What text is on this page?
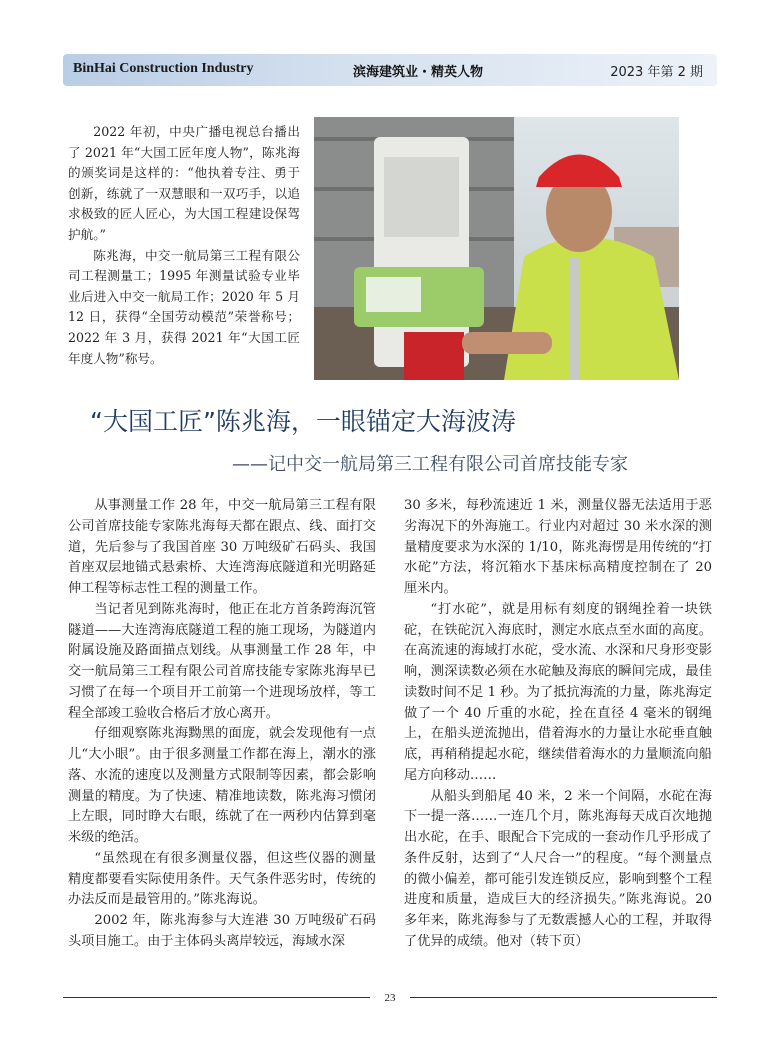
BinHai Construction Industry	滨海建筑业・精英人物	2023 年第 2 期

2022 年初，中央广播电视总台播出了 2021 年“大国工匠年度人物”，陈兆海的颁奖词是这样的：“他执着专注、勇于创新，练就了一双慧眼和一双巧手，以追求极致的匠人匠心，为大国工程建设保驾护航。”

陈兆海，中交一航局第三工程有限公司工程测量工；1995 年测量试验专业毕业后进入中交一航局工作；2020 年 5 月 12 日，获得“全国劳动模范”荣誉称号；2022 年 3 月，获得 2021 年“大国工匠年度人物”称号。

“大国工匠”陈兆海，一眼锚定大海波涛
——记中交一航局第三工程有限公司首席技能专家

从事测量工作 28 年，中交一航局第三工程有限公司首席技能专家陈兆海每天都在跟点、线、面打交道，先后参与了我国首座 30 万吨级矿石码头、我国首座双层地锚式悬索桥、大连湾海底隧道和光明路延伸工程等标志性工程的测量工作。

当记者见到陈兆海时，他正在北方首条跨海沉管隧道——大连湾海底隧道工程的施工现场，为隧道内附属设施及路面描点划线。从事测量工作 28 年，中交一航局第三工程有限公司首席技能专家陈兆海早已习惯了在每一个项目开工前第一个进现场放样，等工程全部竣工验收合格后才放心离开。

仔细观察陈兆海黝黑的面庞，就会发现他有一点儿“大小眼”。由于很多测量工作都在海上，潮水的涨落、水流的速度以及测量方式限制等因素，都会影响测量的精度。为了快速、精准地读数，陈兆海习惯闭上左眼，同时睁大右眼，练就了在一两秒内估算到毫米级的绝活。

“虽然现在有很多测量仪器，但这些仪器的测量精度都要看实际使用条件。天气条件恶劣时，传统的办法反而是最管用的。”陈兆海说。

2002 年，陈兆海参与大连港 30 万吨级矿石码头项目施工。由于主体码头离岸较远，海域水深

30 多米，每秒流速近 1 米，测量仪器无法适用于恶劣海况下的外海施工。行业内对超过 30 米水深的测量精度要求为水深的 1/10，陈兆海愣是用传统的“打水砣”方法，将沉箱水下基床标高精度控制在了 20 厘米内。

“打水砣”，就是用标有刻度的钢绳拴着一块铁砣，在铁砣沉入海底时，测定水底点至水面的高度。在高流速的海域打水砣，受水流、水深和尺身形变影响，测深读数必须在水砣触及海底的瞬间完成，最佳读数时间不足 1 秒。为了抵抗海流的力量，陈兆海定做了一个 40 斤重的水砣，拴在直径 4 毫米的钢绳上，在船头逆流抛出，借着海水的力量让水砣垂直触底，再稍稍提起水砣，继续借着海水的力量顺流向船尾方向移动……

从船头到船尾 40 米，2 米一个间隔，水砣在海下一提一落……一连几个月，陈兆海每天成百次地抛出水砣，在手、眼配合下完成的一套动作几乎形成了条件反射，达到了“人尺合一”的程度。“每个测量点的微小偏差，都可能引发连锁反应，影响到整个工程进度和质量，造成巨大的经济损失。”陈兆海说。20 多年来，陈兆海参与了无数震撼人心的工程，并取得了优异的成绩。他对（转下页）

23
